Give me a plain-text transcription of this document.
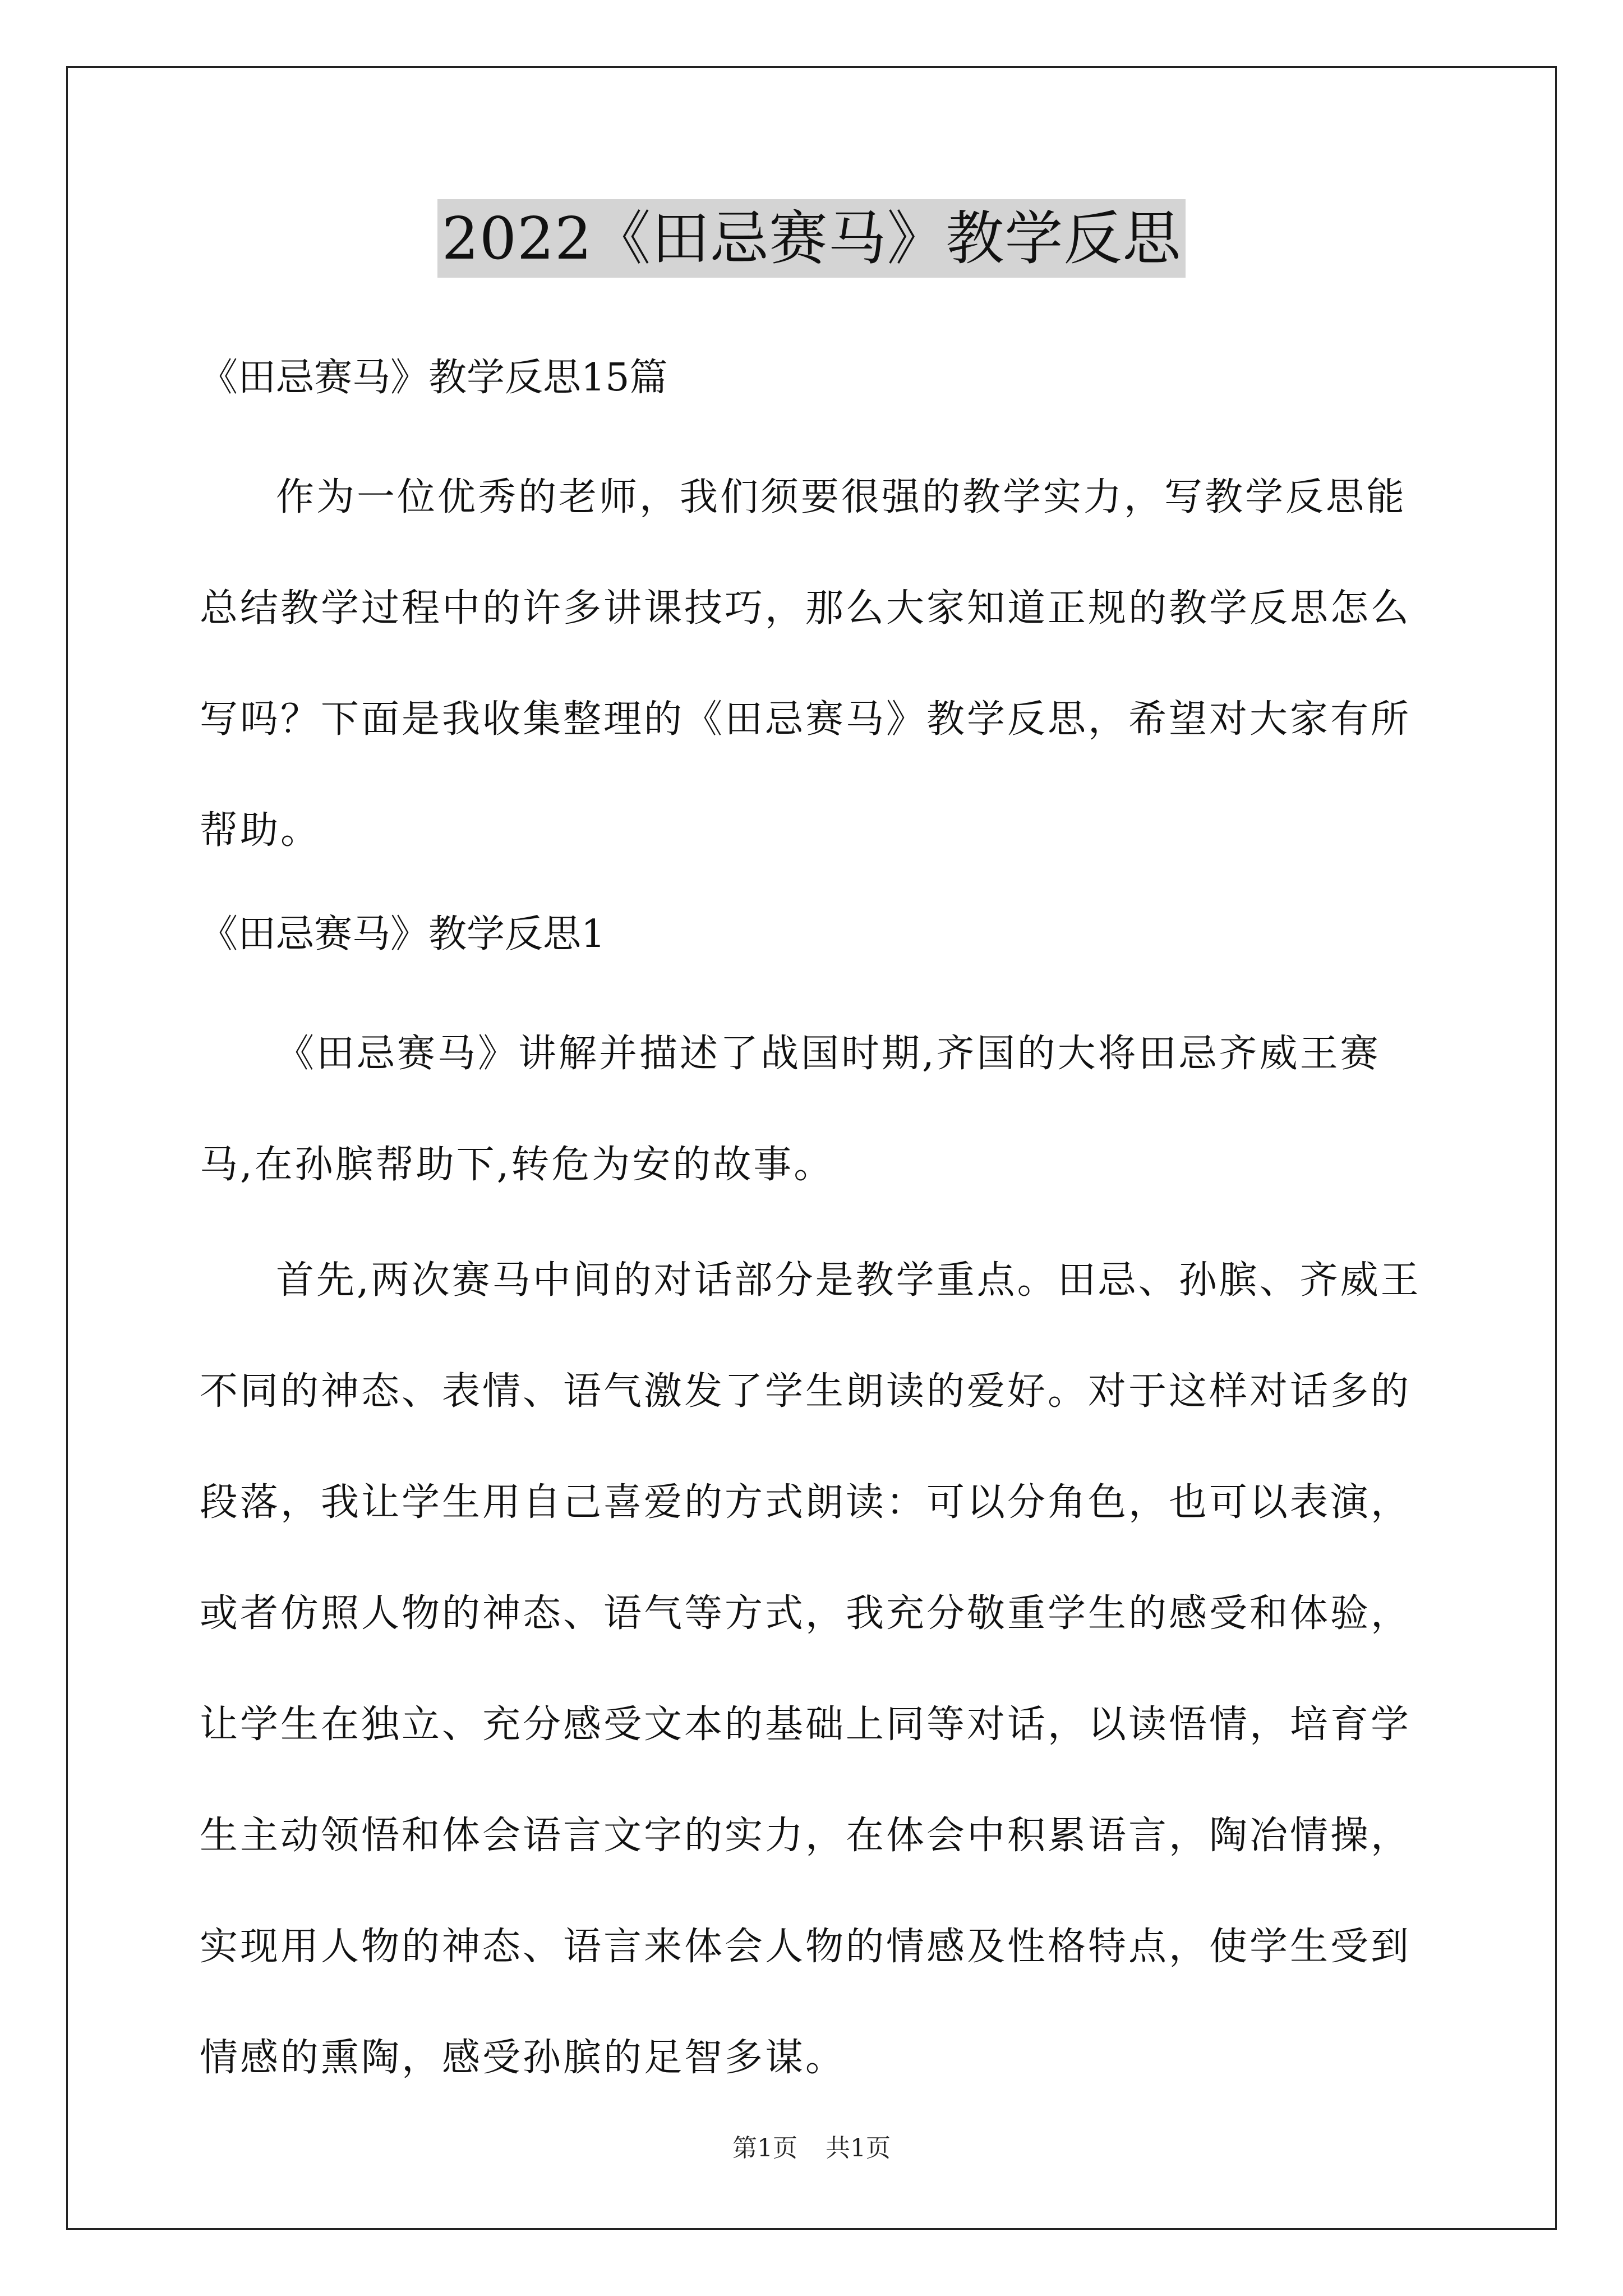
2022《田忌赛马》教学反思

《田忌赛马》教学反思15篇

作为一位优秀的老师，我们须要很强的教学实力，写教学反思能总结教学过程中的许多讲课技巧，那么大家知道正规的教学反思怎么写吗？下面是我收集整理的《田忌赛马》教学反思，希望对大家有所帮助。

《田忌赛马》教学反思1

《田忌赛马》讲解并描述了战国时期,齐国的大将田忌齐威王赛马,在孙膑帮助下,转危为安的故事。

首先,两次赛马中间的对话部分是教学重点。田忌、孙膑、齐威王不同的神态、表情、语气激发了学生朗读的爱好。对于这样对话多的段落，我让学生用自己喜爱的方式朗读：可以分角色，也可以表演，或者仿照人物的神态、语气等方式，我充分敬重学生的感受和体验，让学生在独立、充分感受文本的基础上同等对话，以读悟情，培育学生主动领悟和体会语言文字的实力，在体会中积累语言，陶冶情操，实现用人物的神态、语言来体会人物的情感及性格特点，使学生受到情感的熏陶，感受孙膑的足智多谋。

第1页 共1页
